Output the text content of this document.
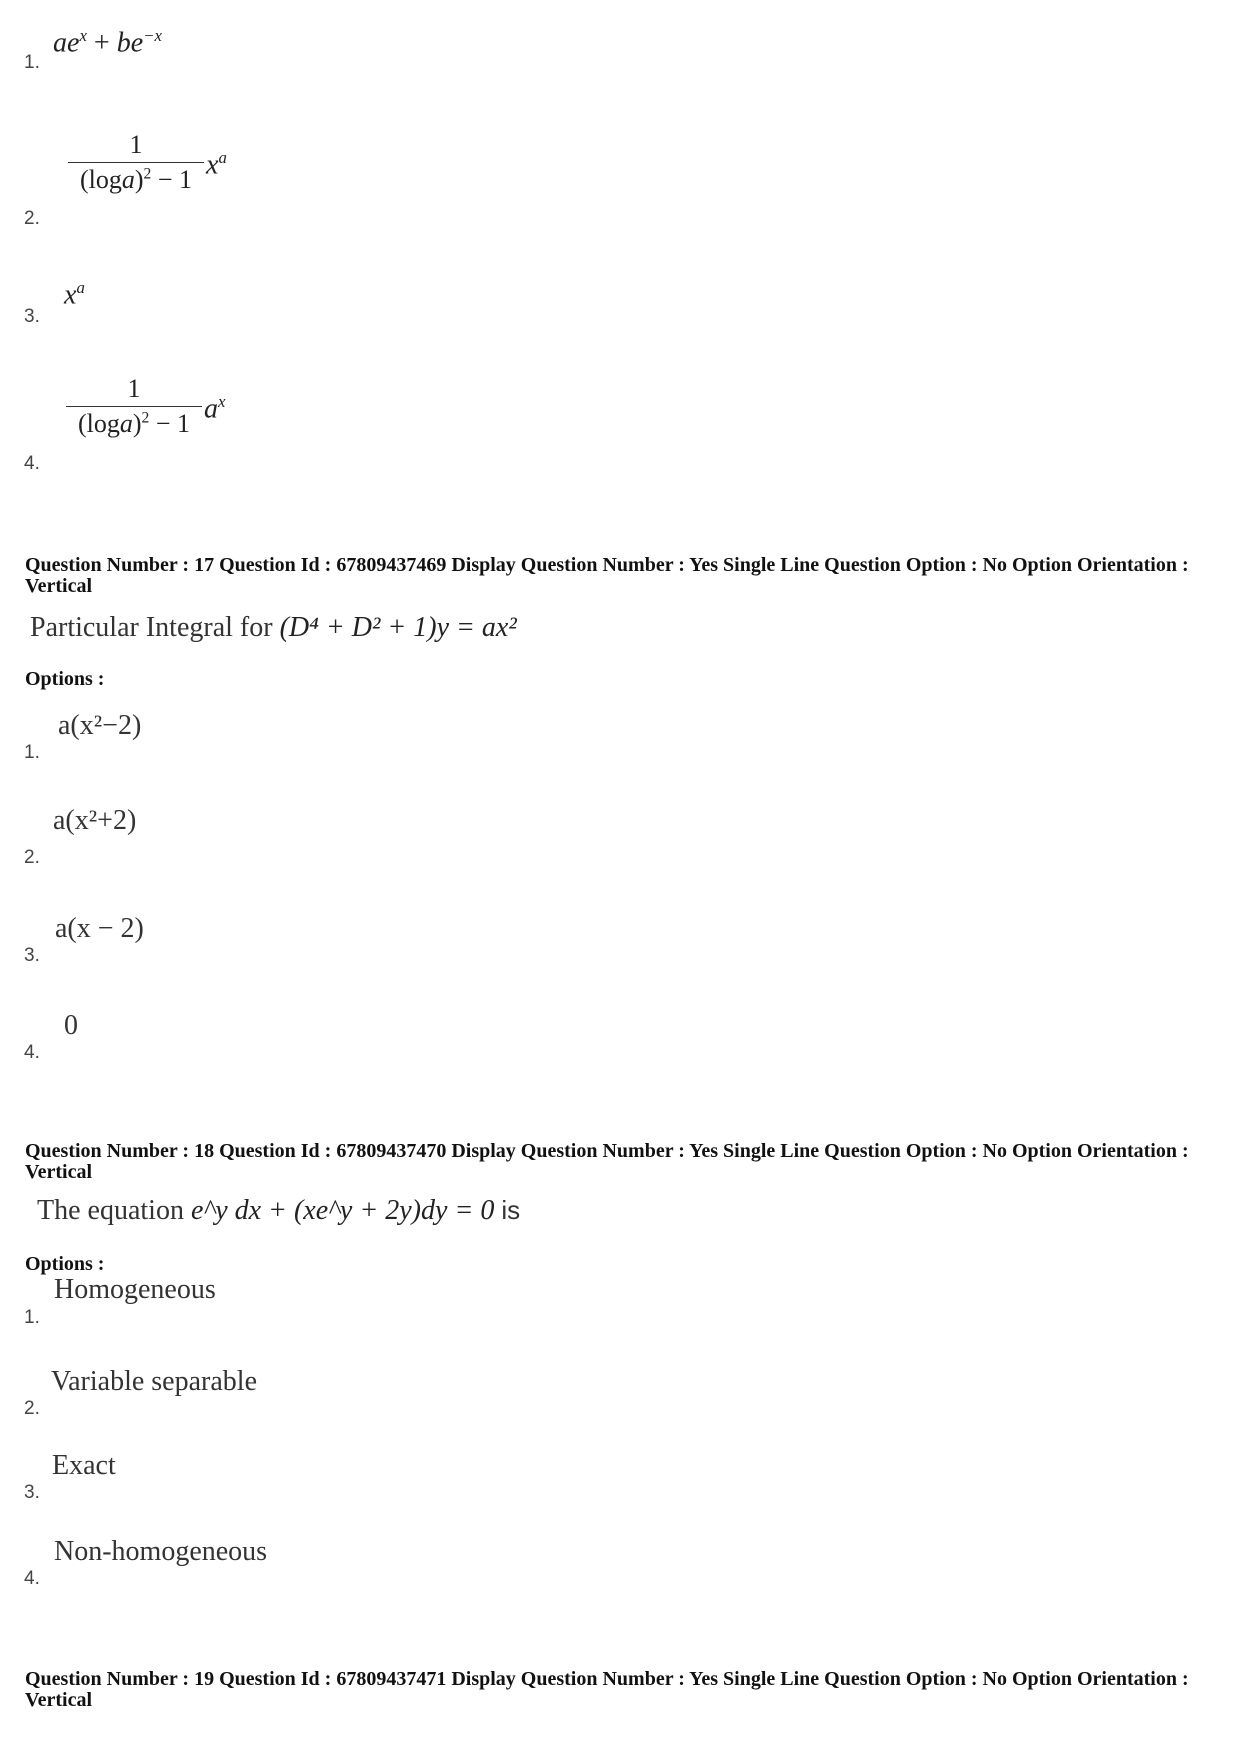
1.
$ae^x + be^{-x}$
2.
1
$(\log a)^2 - 1$ $x^a$
3.
$x^a$
4.
1
$(\log a)^2 - 1$ $a^x$
Question Number : 17 Question Id : 67809437469 Display Question Number : Yes Single Line Question Option : No Option Orientation : Vertical
Particular Integral for (D⁴ + D² + 1)y = ax²
Options :
1.
a(x²−2)
2.
a(x²+2)
3.
a(x − 2)
4.
0
Question Number : 18 Question Id : 67809437470 Display Question Number : Yes Single Line Question Option : No Option Orientation : Vertical
The equation e^y dx + (xe^y + 2y)dy = 0 is
Options :
1.
Homogeneous
2.
Variable separable
3.
Exact
4.
Non-homogeneous
Question Number : 19 Question Id : 67809437471 Display Question Number : Yes Single Line Question Option : No Option Orientation : Vertical
